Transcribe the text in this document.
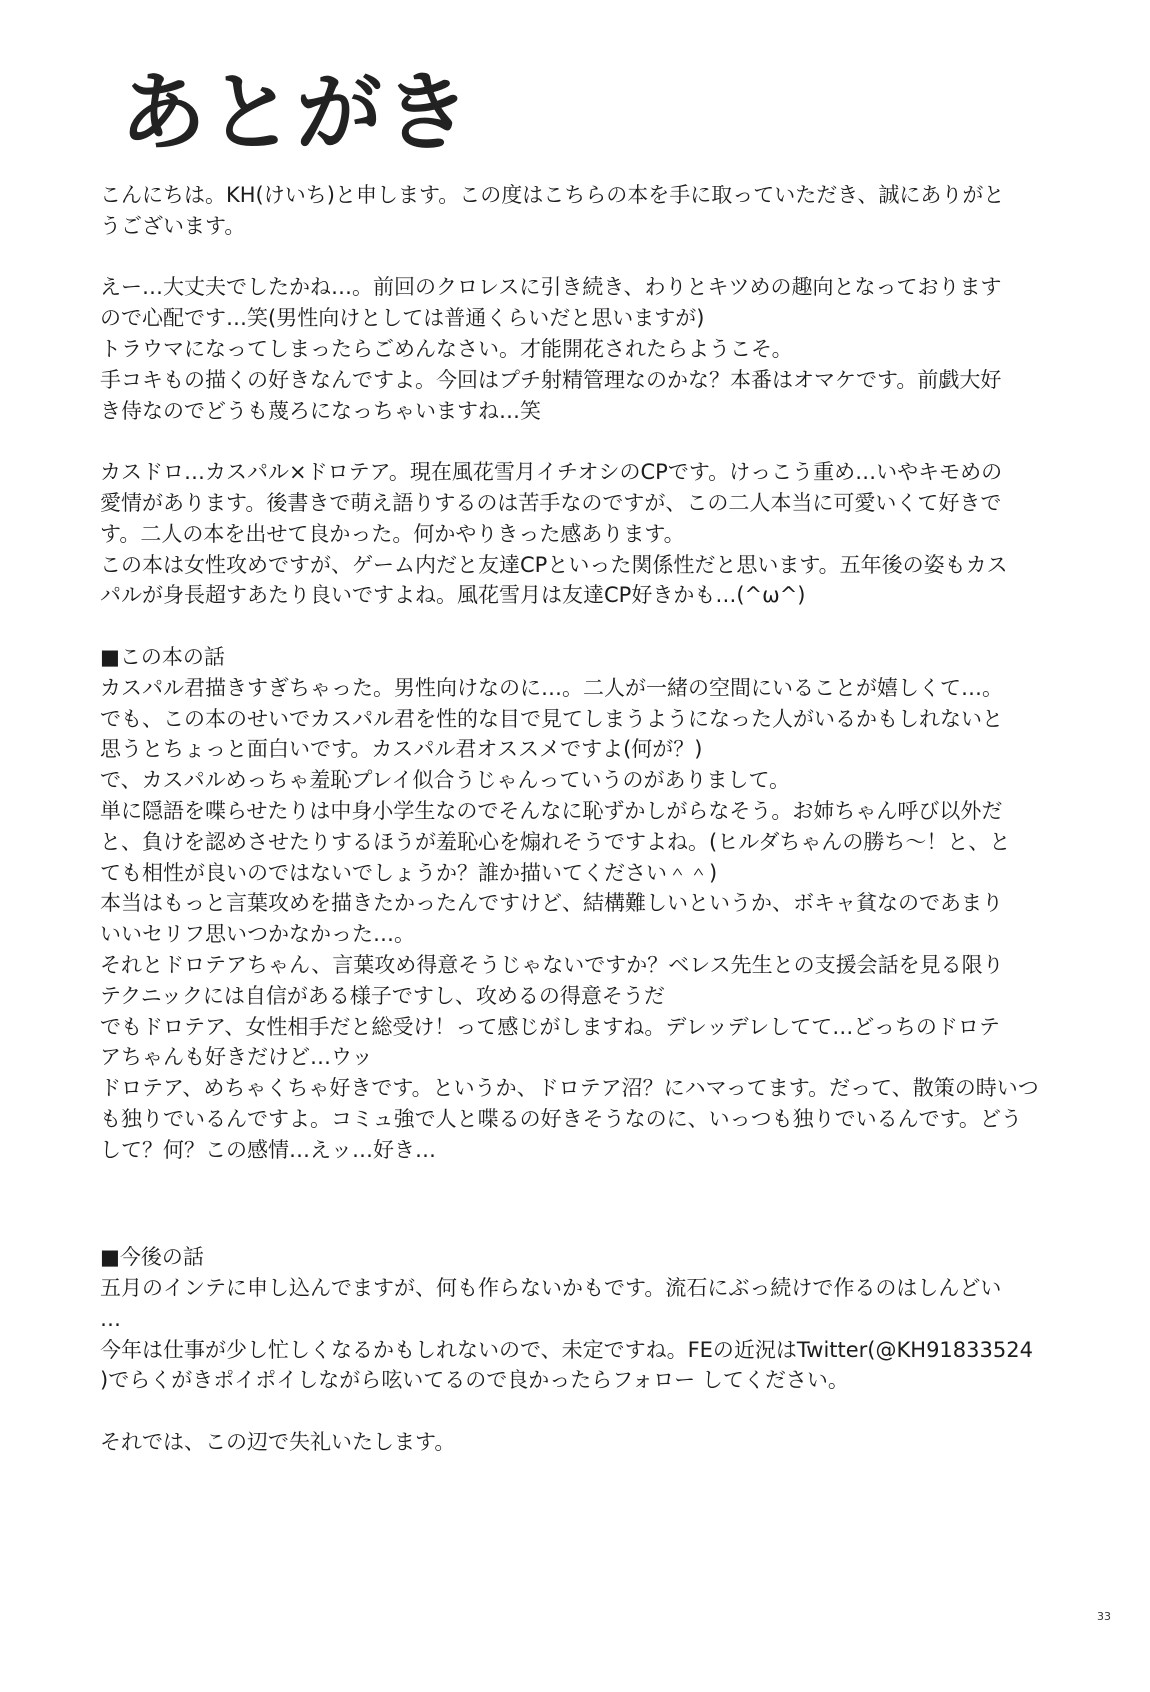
あとがき
こんにちは。KH(けいち)と申します。この度はこちらの本を手に取っていただき、誠にありがと
うございます。
えー…大丈夫でしたかね…。前回のクロレスに引き続き、わりとキツめの趣向となっております
ので心配です…笑(男性向けとしては普通くらいだと思いますが)
トラウマになってしまったらごめんなさい。才能開花されたらようこそ。
手コキもの描くの好きなんですよ。今回はプチ射精管理なのかな？本番はオマケです。前戯大好
き侍なのでどうも蔑ろになっちゃいますね…笑
カスドロ…カスパル×ドロテア。現在風花雪月イチオシのCPです。けっこう重め…いやキモめの
愛情があります。後書きで萌え語りするのは苦手なのですが、この二人本当に可愛いくて好きで
す。二人の本を出せて良かった。何かやりきった感あります。
この本は女性攻めですが、ゲーム内だと友達CPといった関係性だと思います。五年後の姿もカス
パルが身長超すあたり良いですよね。風花雪月は友達CP好きかも…(^ω^)
■この本の話
カスパル君描きすぎちゃった。男性向けなのに…。二人が一緒の空間にいることが嬉しくて…。
でも、この本のせいでカスパル君を性的な目で見てしまうようになった人がいるかもしれないと
思うとちょっと面白いです。カスパル君オススメですよ(何が？)
で、カスパルめっちゃ羞恥プレイ似合うじゃんっていうのがありまして。
単に隠語を喋らせたりは中身小学生なのでそんなに恥ずかしがらなそう。お姉ちゃん呼び以外だ
と、負けを認めさせたりするほうが羞恥心を煽れそうですよね。(ヒルダちゃんの勝ち～！と、と
ても相性が良いのではないでしょうか？誰か描いてください＾＾)
本当はもっと言葉攻めを描きたかったんですけど、結構難しいというか、ボキャ貧なのであまり
いいセリフ思いつかなかった…。
それとドロテアちゃん、言葉攻め得意そうじゃないですか？ベレス先生との支援会話を見る限り
テクニックには自信がある様子ですし、攻めるの得意そうだ
でもドロテア、女性相手だと総受け！って感じがしますね。デレッデレしてて…どっちのドロテ
アちゃんも好きだけど…ウッ
ドロテア、めちゃくちゃ好きです。というか、ドロテア沼？にハマってます。だって、散策の時いつ
も独りでいるんですよ。コミュ強で人と喋るの好きそうなのに、いっつも独りでいるんです。どう
して？何？この感情…えッ…好き…
■今後の話
五月のインテに申し込んでますが、何も作らないかもです。流石にぶっ続けで作るのはしんどい
…
今年は仕事が少し忙しくなるかもしれないので、未定ですね。FEの近況はTwitter(@KH91833524
)でらくがきポイポイしながら呟いてるので良かったらフォロー してください。
それでは、この辺で失礼いたします。
33
